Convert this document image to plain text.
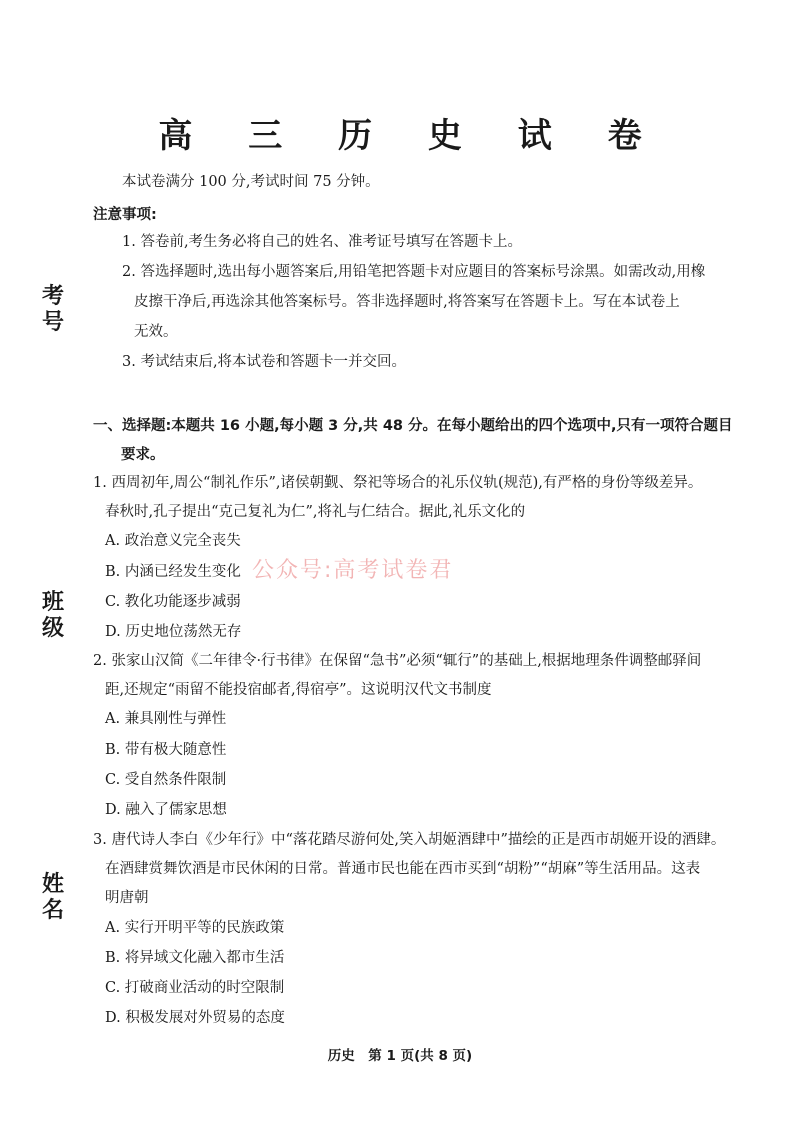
高 三 历 史 试 卷
考
号
班
级
姓
名
本试卷满分 100 分,考试时间 75 分钟。
注意事项:
1. 答卷前,考生务必将自己的姓名、准考证号填写在答题卡上。
2. 答选择题时,选出每小题答案后,用铅笔把答题卡对应题目的答案标号涂黑。如需改动,用橡
皮擦干净后,再选涂其他答案标号。答非选择题时,将答案写在答题卡上。写在本试卷上
无效。
3. 考试结束后,将本试卷和答题卡一并交回。
一、选择题:本题共 16 小题,每小题 3 分,共 48 分。在每小题给出的四个选项中,只有一项符合题目
要求。
1. 西周初年,周公“制礼作乐”,诸侯朝觐、祭祀等场合的礼乐仪轨(规范),有严格的身份等级差异。
春秋时,孔子提出“克己复礼为仁”,将礼与仁结合。据此,礼乐文化的
A. 政治意义完全丧失
B. 内涵已经发生变化
C. 教化功能逐步减弱
D. 历史地位荡然无存
2. 张家山汉简《二年律令·行书律》在保留“急书”必须“辄行”的基础上,根据地理条件调整邮驿间
距,还规定“雨留不能投宿邮者,得宿亭”。这说明汉代文书制度
A. 兼具刚性与弹性
B. 带有极大随意性
C. 受自然条件限制
D. 融入了儒家思想
3. 唐代诗人李白《少年行》中“落花踏尽游何处,笑入胡姬酒肆中”描绘的正是西市胡姬开设的酒肆。
在酒肆赏舞饮酒是市民休闲的日常。普通市民也能在西市买到“胡粉”“胡麻”等生活用品。这表
明唐朝
A. 实行开明平等的民族政策
B. 将异域文化融入都市生活
C. 打破商业活动的时空限制
D. 积极发展对外贸易的态度
公众号:高考试卷君
历史　第 1 页(共 8 页)
